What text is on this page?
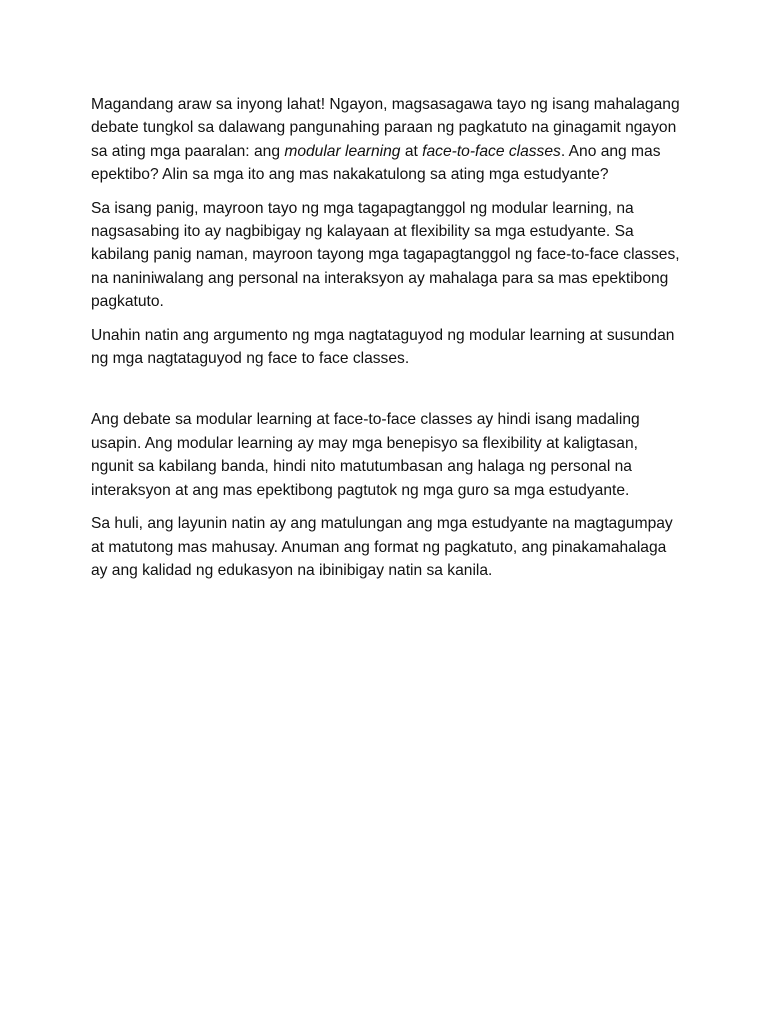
Magandang araw sa inyong lahat! Ngayon, magsasagawa tayo ng isang mahalagang debate tungkol sa dalawang pangunahing paraan ng pagkatuto na ginagamit ngayon sa ating mga paaralan: ang modular learning at face-to-face classes. Ano ang mas epektibo? Alin sa mga ito ang mas nakakatulong sa ating mga estudyante?

Sa isang panig, mayroon tayo ng mga tagapagtanggol ng modular learning, na nagsasabing ito ay nagbibigay ng kalayaan at flexibility sa mga estudyante. Sa kabilang panig naman, mayroon tayong mga tagapagtanggol ng face-to-face classes, na naniniwalang ang personal na interaksyon ay mahalaga para sa mas epektibong pagkatuto.

Unahin natin ang argumento ng mga nagtataguyod ng modular learning at susundan ng mga nagtataguyod ng face to face classes.

Ang debate sa modular learning at face-to-face classes ay hindi isang madaling usapin. Ang modular learning ay may mga benepisyo sa flexibility at kaligtasan, ngunit sa kabilang banda, hindi nito matutumbasan ang halaga ng personal na interaksyon at ang mas epektibong pagtutok ng mga guro sa mga estudyante.

Sa huli, ang layunin natin ay ang matulungan ang mga estudyante na magtagumpay at matutong mas mahusay. Anuman ang format ng pagkatuto, ang pinakamahalaga ay ang kalidad ng edukasyon na ibinibigay natin sa kanila.
